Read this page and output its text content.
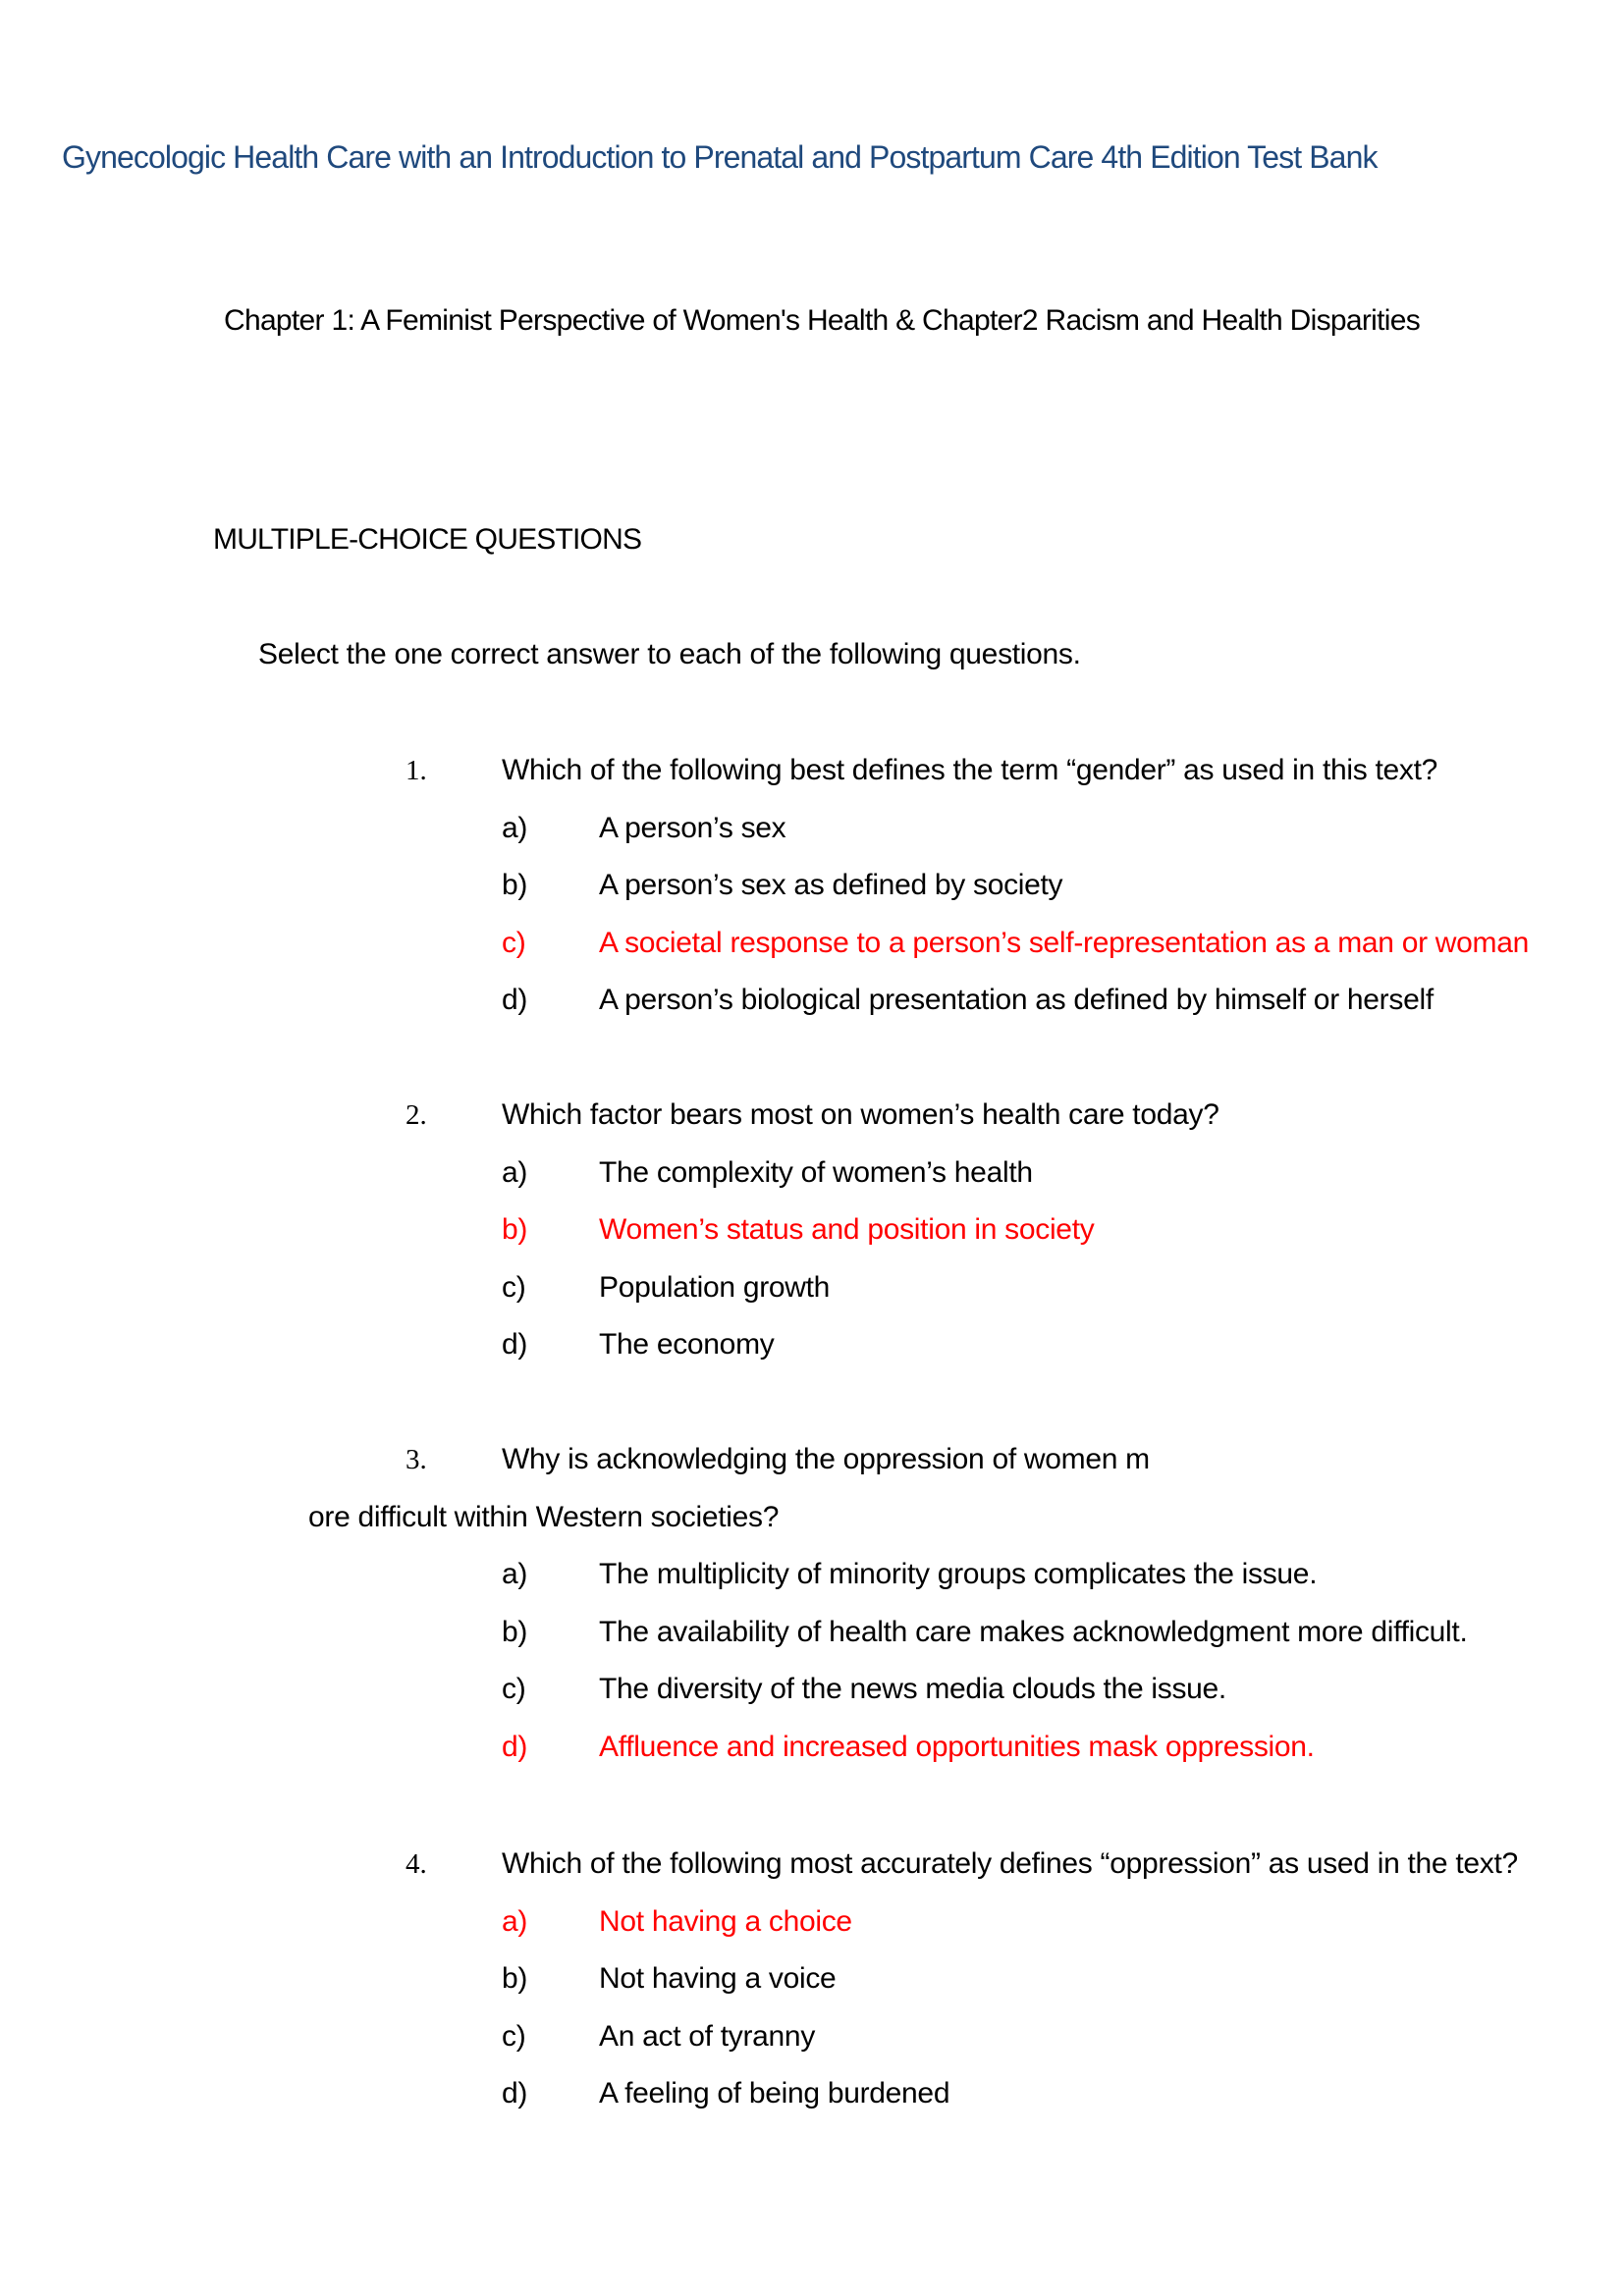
Gynecologic Health Care with an Introduction to Prenatal and Postpartum Care 4th Edition Test Bank
Chapter 1: A Feminist Perspective of Women's Health & Chapter2 Racism and Health Disparities
MULTIPLE-CHOICE QUESTIONS
Select the one correct answer to each of the following questions.
1.	Which of the following best defines the term “gender” as used in this text?
a) A person’s sex
b) A person’s sex as defined by society
c) A societal response to a person’s self-representation as a man or woman
d) A person’s biological presentation as defined by himself or herself
2.	Which factor bears most on women’s health care today?
a) The complexity of women’s health
b) Women’s status and position in society
c) Population growth
d) The economy
3.	Why is acknowledging the oppression of women m
ore difficult within Western societies?
a) The multiplicity of minority groups complicates the issue.
b) The availability of health care makes acknowledgment more difficult.
c) The diversity of the news media clouds the issue.
d) Affluence and increased opportunities mask oppression.
4.	Which of the following most accurately defines “oppression” as used in the text?
a) Not having a choice
b) Not having a voice
c) An act of tyranny
d) A feeling of being burdened
